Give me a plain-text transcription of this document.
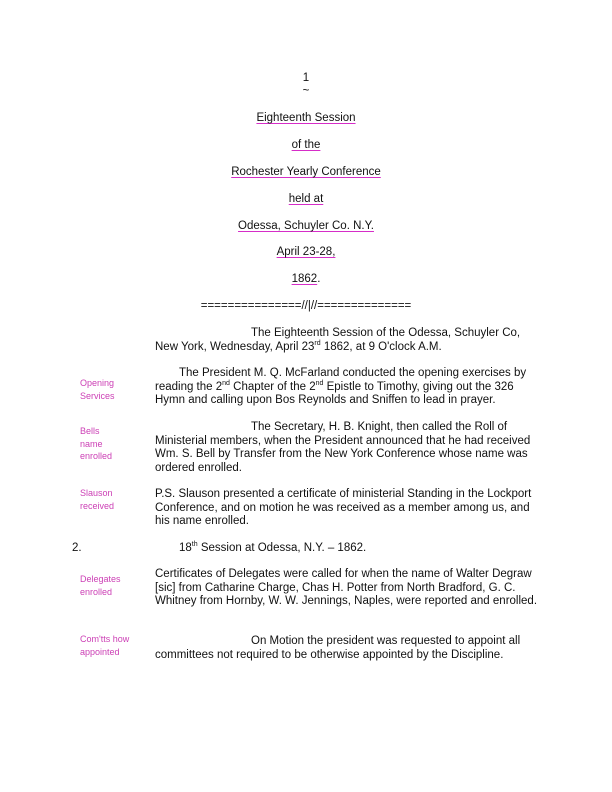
1
~
Eighteenth Session
of the
Rochester Yearly Conference
held at
Odessa, Schuyler Co. N.Y.
April 23-28,
1862.
===============//|//==============

The Eighteenth Session of the Odessa, Schuyler Co, New York, Wednesday, April 23rd 1862, at 9 O'clock A.M.

Opening Services

The President M. Q. McFarland conducted the opening exercises by reading the 2nd Chapter of the 2nd Epistle to Timothy, giving out the 326 Hymn and calling upon Bos Reynolds and Sniffen to lead in prayer.

Bells name enrolled

The Secretary, H. B. Knight, then called the Roll of Ministerial members, when the President announced that he had received Wm. S. Bell by Transfer from the New York Conference whose name was ordered enrolled.

Slauson received

P.S. Slauson presented a certificate of ministerial Standing in the Lockport Conference, and on motion he was received as a member among us, and his name enrolled.

2.	18th Session at Odessa, N.Y. – 1862.

Delegates enrolled

Certificates of Delegates were called for when the name of Walter Degraw [sic] from Catharine Charge, Chas H. Potter from North Bradford, G. C. Whitney from Hornby, W. W. Jennings, Naples, were reported and enrolled.

Com'tts how appointed

On Motion the president was requested to appoint all committees not required to be otherwise appointed by the Discipline.
